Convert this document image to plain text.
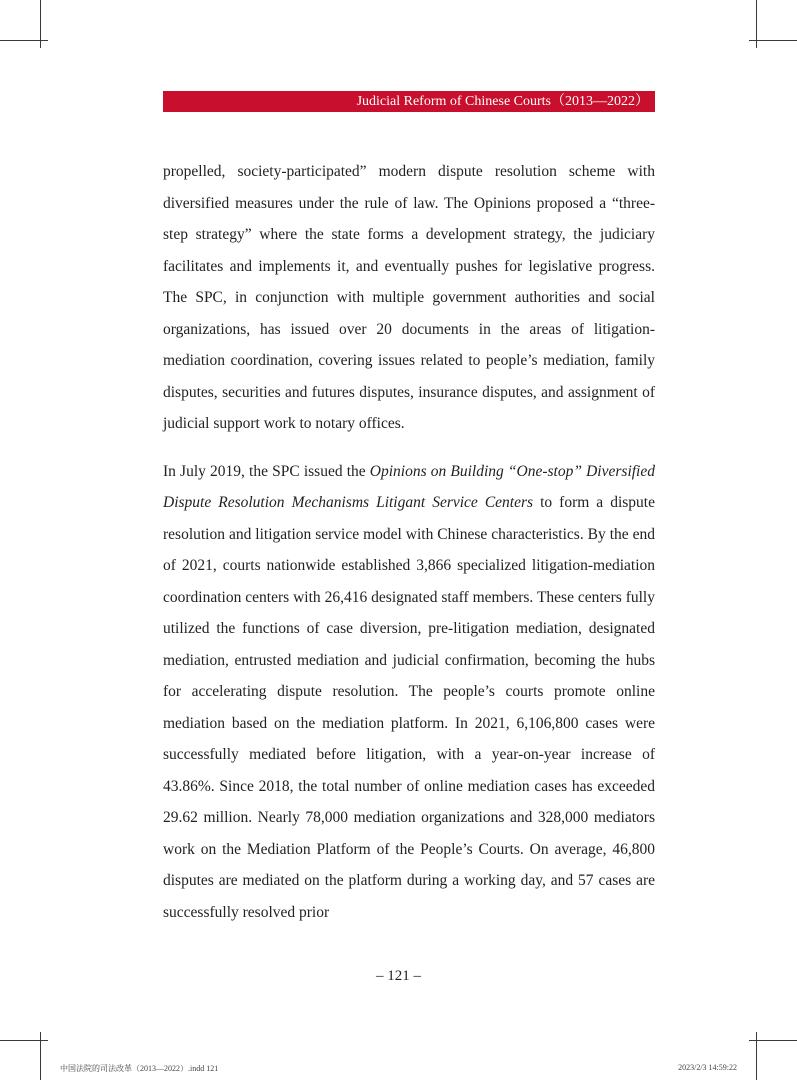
Judicial Reform of Chinese Courts（2013—2022）

propelled, society-participated” modern dispute resolution scheme with diversified measures under the rule of law. The Opinions proposed a “three-step strategy” where the state forms a development strategy, the judiciary facilitates and implements it, and eventually pushes for legislative progress. The SPC, in conjunction with multiple government authorities and social organizations, has issued over 20 documents in the areas of litigation-mediation coordination, covering issues related to people’s mediation, family disputes, securities and futures disputes, insurance disputes, and assignment of judicial support work to notary offices.

In July 2019, the SPC issued the Opinions on Building “One-stop” Diversified Dispute Resolution Mechanisms Litigant Service Centers to form a dispute resolution and litigation service model with Chinese characteristics. By the end of 2021, courts nationwide established 3,866 specialized litigation-mediation coordination centers with 26,416 designated staff members. These centers fully utilized the functions of case diversion, pre-litigation mediation, designated mediation, entrusted mediation and judicial confirmation, becoming the hubs for accelerating dispute resolution. The people’s courts promote online mediation based on the mediation platform. In 2021, 6,106,800 cases were successfully mediated before litigation, with a year-on-year increase of 43.86%. Since 2018, the total number of online mediation cases has exceeded 29.62 million. Nearly 78,000 mediation organizations and 328,000 mediators work on the Mediation Platform of the People’s Courts. On average, 46,800 disputes are mediated on the platform during a working day, and 57 cases are successfully resolved prior

– 121 –
中国法院的司法改革（2013—2022）.indd 121	2023/2/3 14:59:22
